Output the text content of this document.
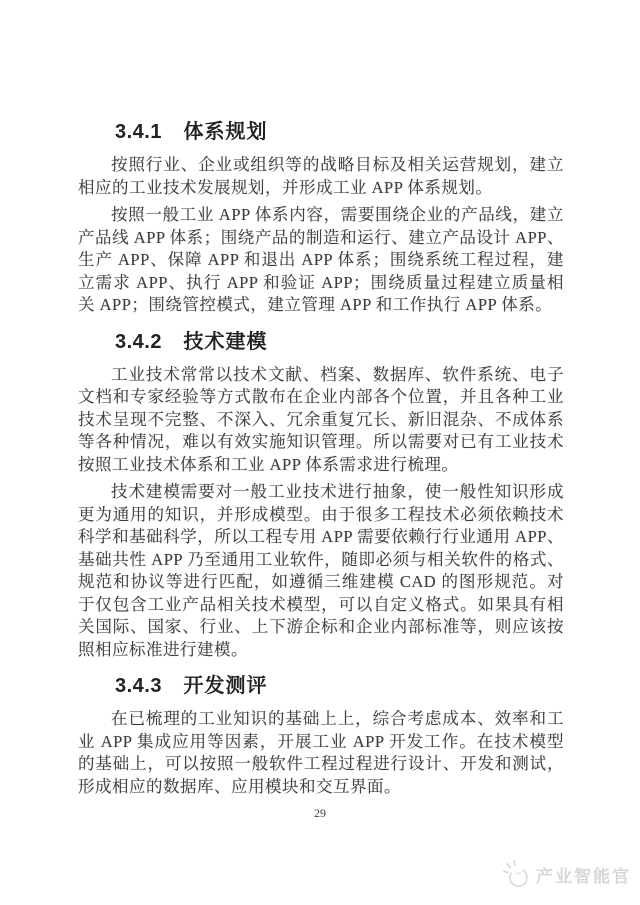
3.4.1 体系规划

按照行业、企业或组织等的战略目标及相关运营规划，建立相应的工业技术发展规划，并形成工业 APP 体系规划。

按照一般工业 APP 体系内容，需要围绕企业的产品线，建立产品线 APP 体系；围绕产品的制造和运行、建立产品设计 APP、生产 APP、保障 APP 和退出 APP 体系；围绕系统工程过程，建立需求 APP、执行 APP 和验证 APP；围绕质量过程建立质量相关 APP；围绕管控模式，建立管理 APP 和工作执行 APP 体系。

3.4.2 技术建模

工业技术常常以技术文献、档案、数据库、软件系统、电子文档和专家经验等方式散布在企业内部各个位置，并且各种工业技术呈现不完整、不深入、冗余重复冗长、新旧混杂、不成体系等各种情况，难以有效实施知识管理。所以需要对已有工业技术按照工业技术体系和工业 APP 体系需求进行梳理。

技术建模需要对一般工业技术进行抽象，使一般性知识形成更为通用的知识，并形成模型。由于很多工程技术必须依赖技术科学和基础科学，所以工程专用 APP 需要依赖行行业通用 APP、基础共性 APP 乃至通用工业软件，随即必须与相关软件的格式、规范和协议等进行匹配，如遵循三维建模 CAD 的图形规范。对于仅包含工业产品相关技术模型，可以自定义格式。如果具有相关国际、国家、行业、上下游企标和企业内部标准等，则应该按照相应标准进行建模。

3.4.3 开发测评

在已梳理的工业知识的基础上上，综合考虑成本、效率和工业 APP 集成应用等因素，开展工业 APP 开发工作。在技术模型的基础上，可以按照一般软件工程过程进行设计、开发和测试，形成相应的数据库、应用模块和交互界面。

29
产业智能官
